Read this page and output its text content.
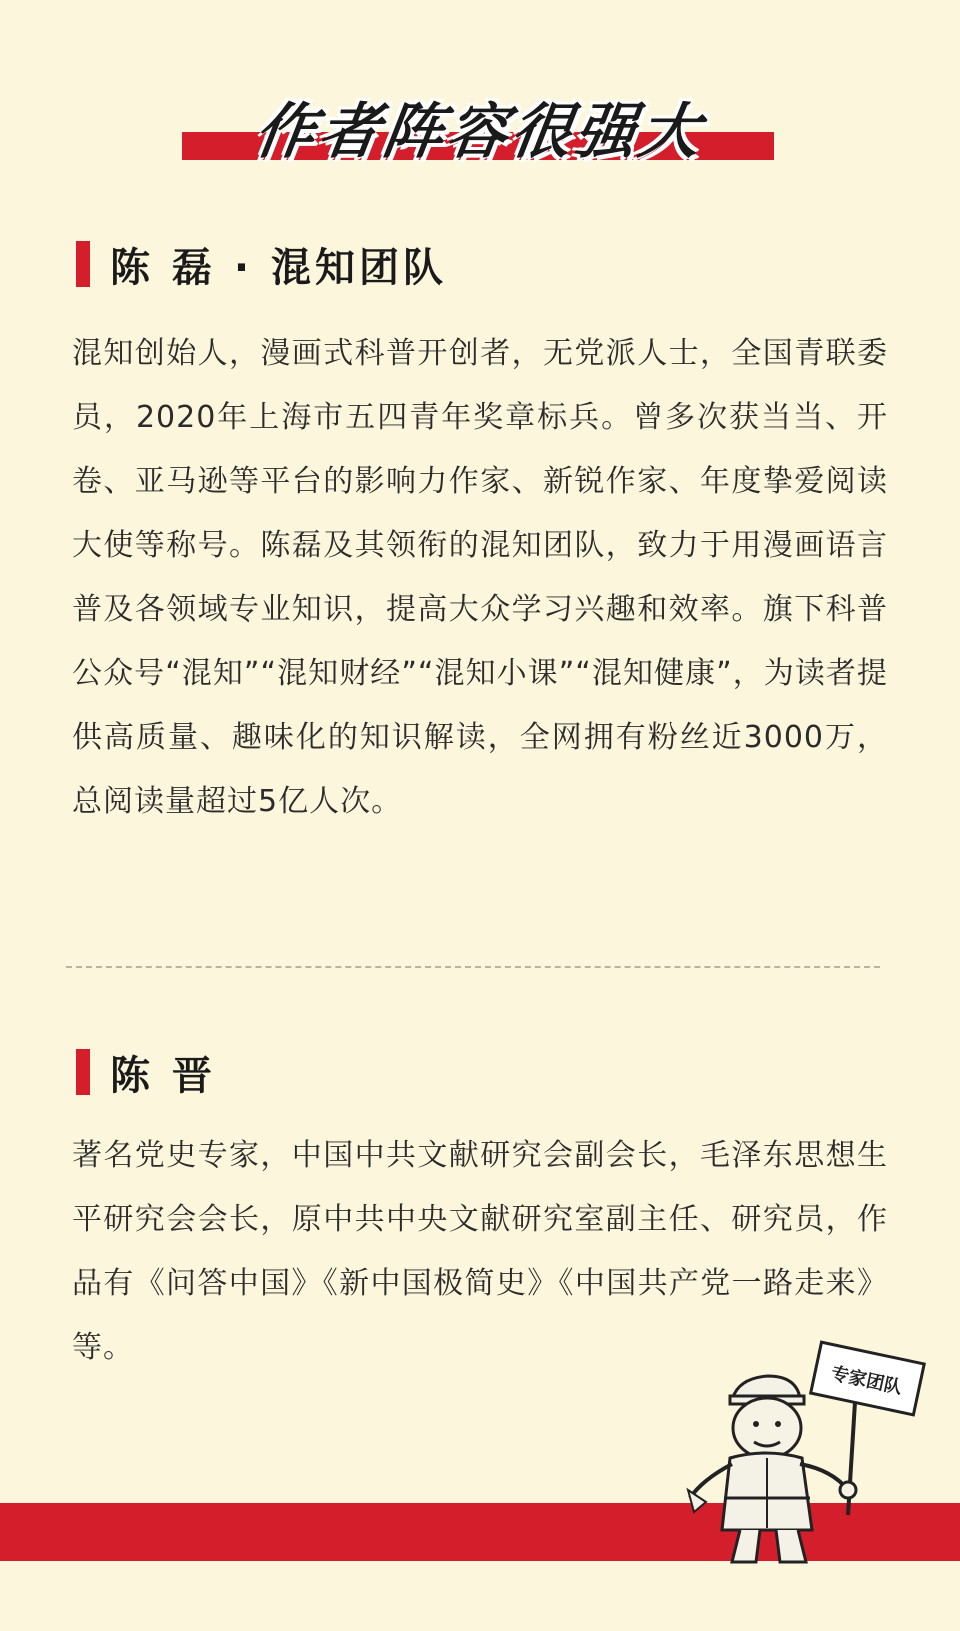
作者阵容很强大
陈 磊 · 混知团队
混知创始人，漫画式科普开创者，无党派人士，全国青联委员，2020年上海市五四青年奖章标兵。曾多次获当当、开卷、亚马逊等平台的影响力作家、新锐作家、年度挚爱阅读大使等称号。陈磊及其领衔的混知团队，致力于用漫画语言普及各领域专业知识，提高大众学习兴趣和效率。旗下科普公众号“混知”“混知财经”“混知小课”“混知健康”，为读者提供高质量、趣味化的知识解读，全网拥有粉丝近3000万，总阅读量超过5亿人次。
陈 晋
著名党史专家，中国中共文献研究会副会长，毛泽东思想生平研究会会长，原中共中央文献研究室副主任、研究员，作品有《问答中国》《新中国极简史》《中国共产党一路走来》等。
专家团队
